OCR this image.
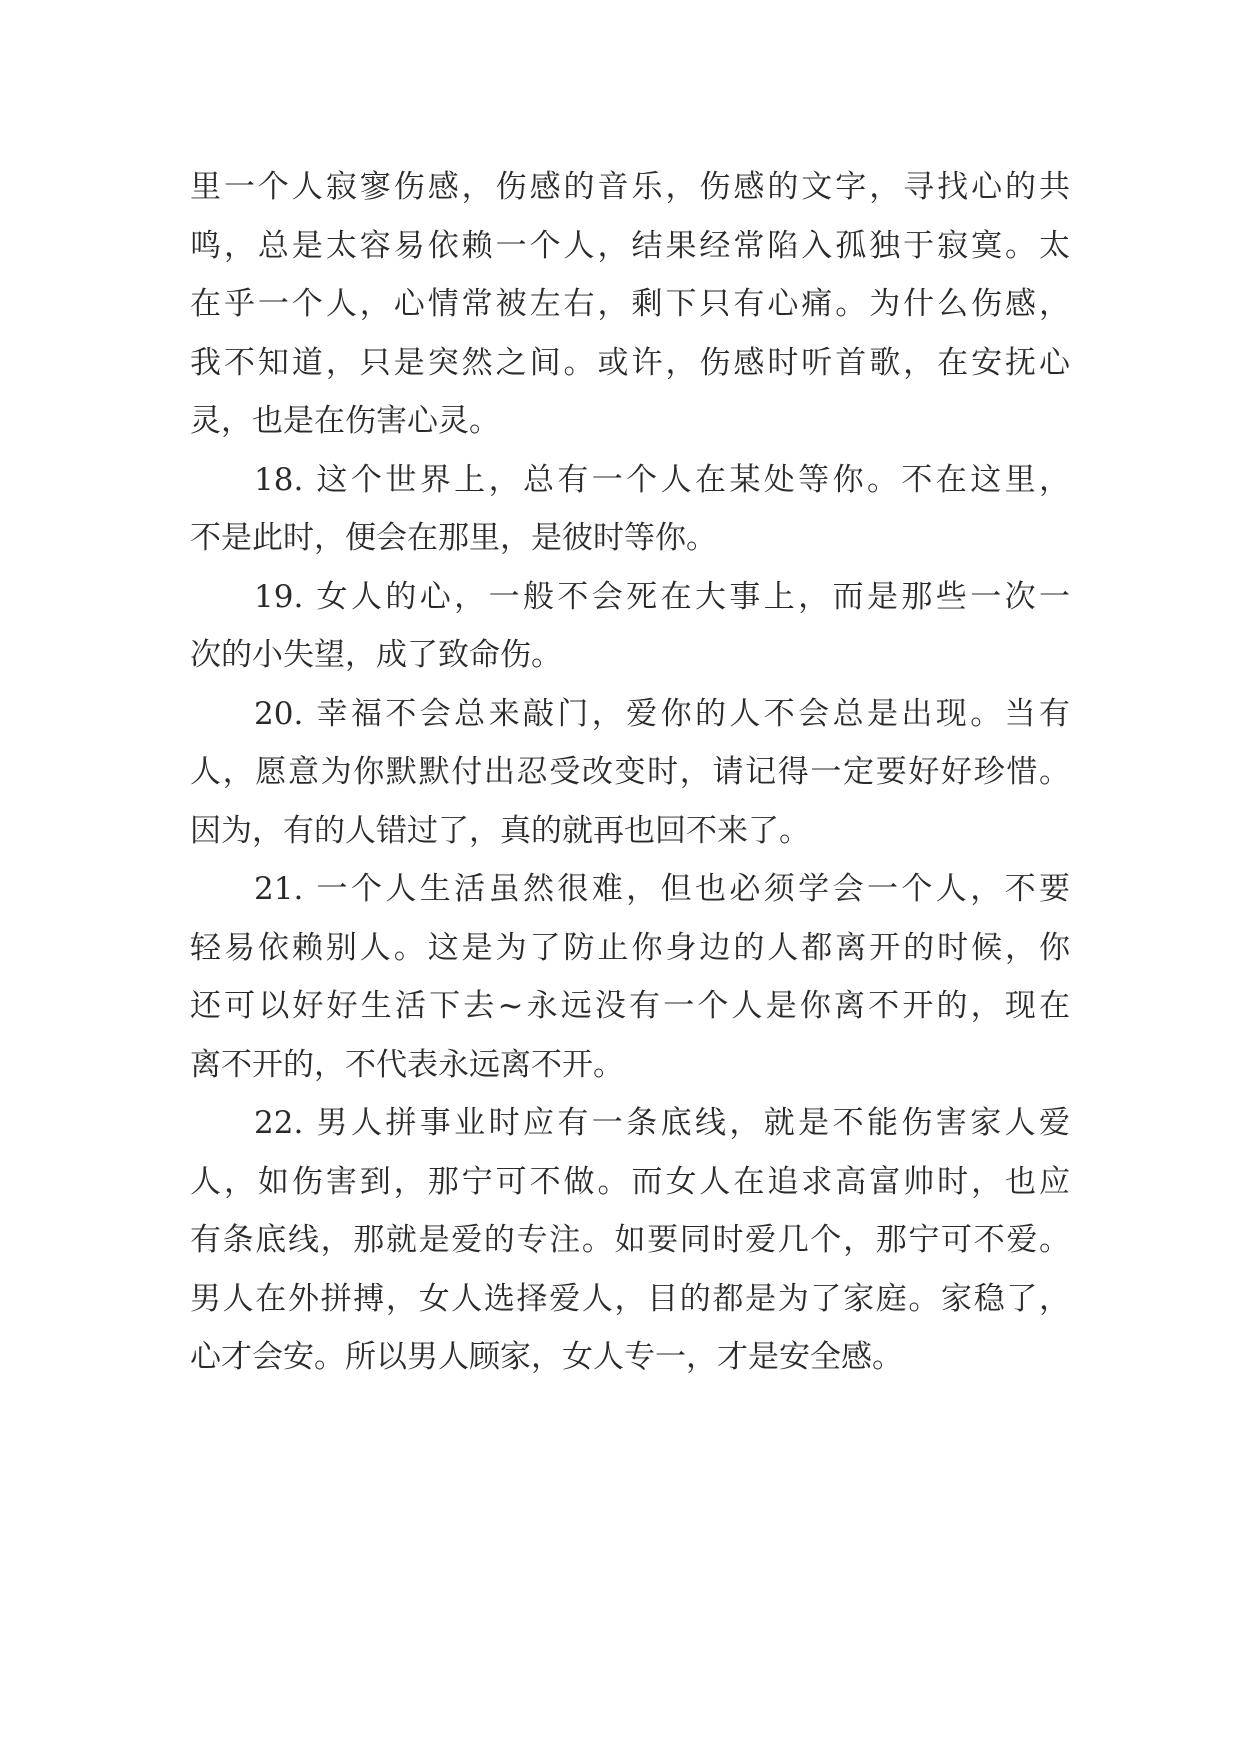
里一个人寂寥伤感，伤感的音乐，伤感的文字，寻找心的共
鸣，总是太容易依赖一个人，结果经常陷入孤独于寂寞。太
在乎一个人，心情常被左右，剩下只有心痛。为什么伤感，
我不知道，只是突然之间。或许，伤感时听首歌，在安抚心
灵，也是在伤害心灵。
18. 这个世界上，总有一个人在某处等你。不在这里，
不是此时，便会在那里，是彼时等你。
19. 女人的心，一般不会死在大事上，而是那些一次一
次的小失望，成了致命伤。
20. 幸福不会总来敲门，爱你的人不会总是出现。当有
人，愿意为你默默付出忍受改变时，请记得一定要好好珍惜。
因为，有的人错过了，真的就再也回不来了。
21. 一个人生活虽然很难，但也必须学会一个人，不要
轻易依赖别人。这是为了防止你身边的人都离开的时候，你
还可以好好生活下去~永远没有一个人是你离不开的，现在
离不开的，不代表永远离不开。
22. 男人拼事业时应有一条底线，就是不能伤害家人爱
人，如伤害到，那宁可不做。而女人在追求高富帅时，也应
有条底线，那就是爱的专注。如要同时爱几个，那宁可不爱。
男人在外拼搏，女人选择爱人，目的都是为了家庭。家稳了，
心才会安。所以男人顾家，女人专一，才是安全感。
